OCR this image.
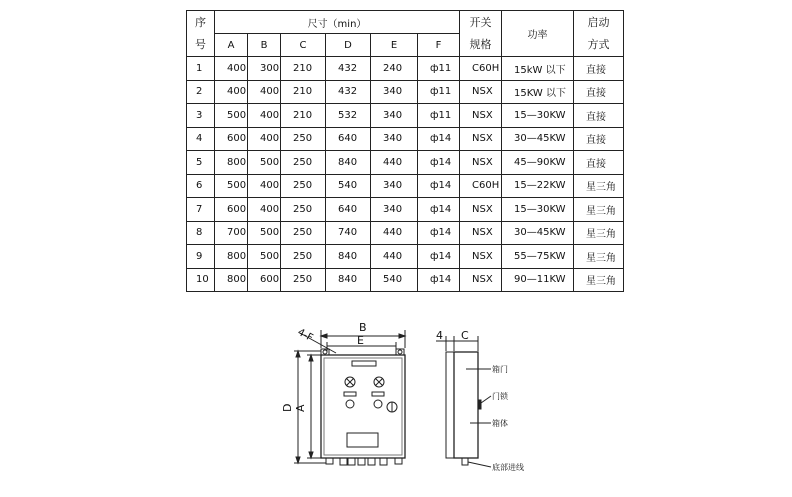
序号	尺寸（min）						开关规格	功率	启动方式
	A	B	C	D	E	F			
1	400	300	210	432	240	ф11	C60H	15kW 以下	直接
2	400	400	210	432	340	ф11	NSX	15KW 以下	直接
3	500	400	210	532	340	ф11	NSX	15—30KW	直接
4	600	400	250	640	340	ф14	NSX	30—45KW	直接
5	800	500	250	840	440	ф14	NSX	45—90KW	直接
6	500	400	250	540	340	ф14	C60H	15—22KW	星三角
7	600	400	250	640	340	ф14	NSX	15—30KW	星三角
8	700	500	250	740	440	ф14	NSX	30—45KW	星三角
9	800	500	250	840	440	ф14	NSX	55—75KW	星三角
10	800	600	250	840	540	ф14	NSX	90—11KW	星三角
B
E
D A
4-F	4 C
箱门
门锁
箱体
底部进线
